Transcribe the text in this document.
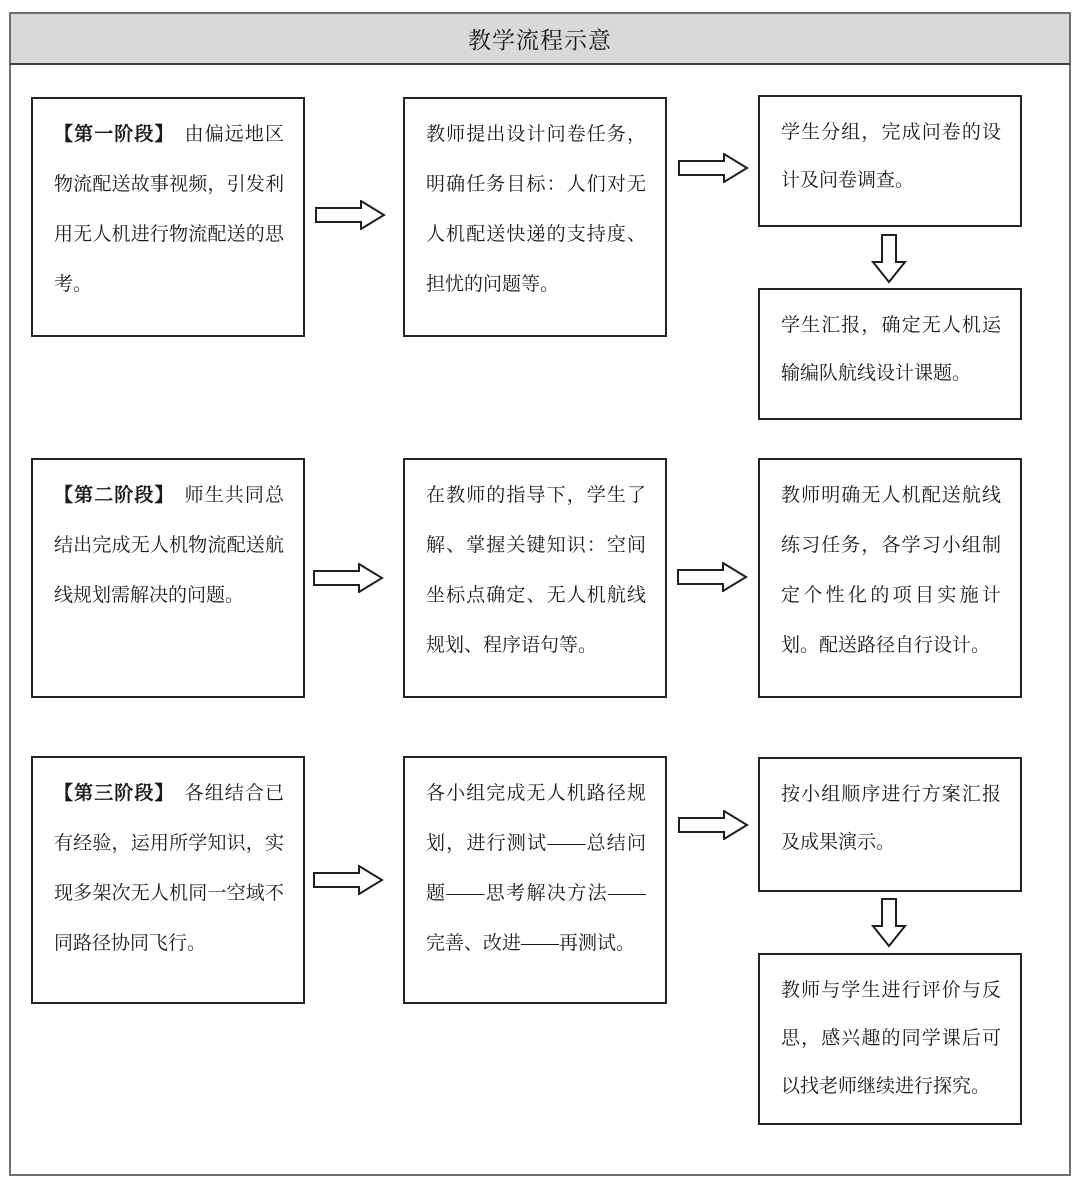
教学流程示意

【第一阶段】 由偏远地区物流配送故事视频，引发利用无人机进行物流配送的思考。

教师提出设计问卷任务，明确任务目标：人们对无人机配送快递的支持度、担忧的问题等。

学生分组，完成问卷的设计及问卷调查。

学生汇报，确定无人机运输编队航线设计课题。

【第二阶段】 师生共同总结出完成无人机物流配送航线规划需解决的问题。

在教师的指导下，学生了解、掌握关键知识：空间坐标点确定、无人机航线规划、程序语句等。

教师明确无人机配送航线练习任务，各学习小组制定个性化的项目实施计划。配送路径自行设计。

【第三阶段】 各组结合已有经验，运用所学知识，实现多架次无人机同一空域不同路径协同飞行。

各小组完成无人机路径规划，进行测试——总结问题——思考解决方法——完善、改进——再测试。

按小组顺序进行方案汇报及成果演示。

教师与学生进行评价与反思，感兴趣的同学课后可以找老师继续进行探究。
